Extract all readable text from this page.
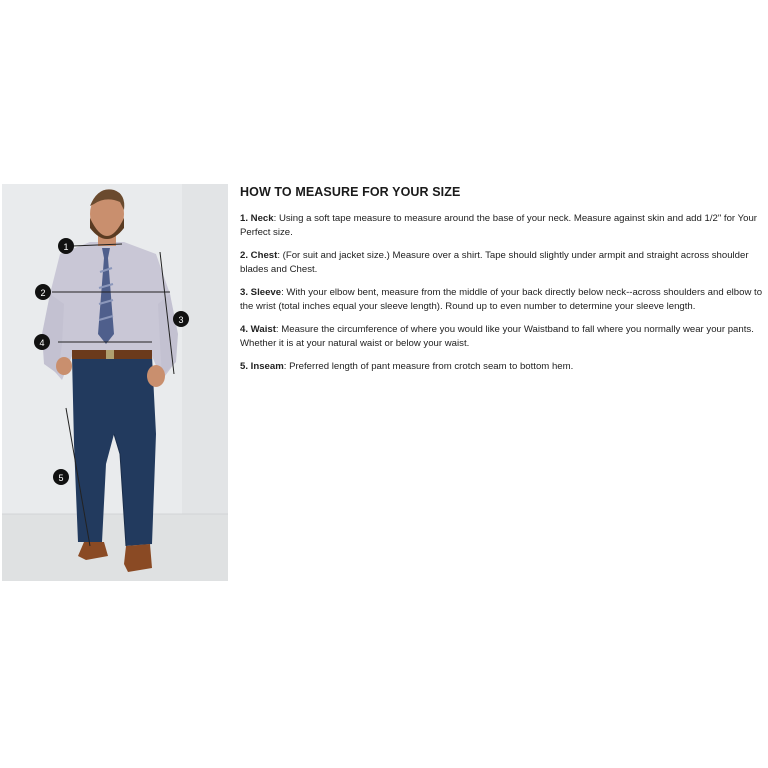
1
2
3
4
5
HOW TO MEASURE FOR YOUR SIZE

1. Neck: Using a soft tape measure to measure around the base of your neck. Measure against skin and add 1/2" for Your Perfect size.

2. Chest: (For suit and jacket size.) Measure over a shirt. Tape should slightly under armpit and straight across shoulder blades and Chest.

3. Sleeve: With your elbow bent, measure from the middle of your back directly below neck--across shoulders and elbow to the wrist (total inches equal your sleeve length). Round up to even number to determine your sleeve length.

4. Waist: Measure the circumference of where you would like your Waistband to fall where you normally wear your pants. Whether it is at your natural waist or below your waist.

5. Inseam: Preferred length of pant measure from crotch seam to bottom hem.
